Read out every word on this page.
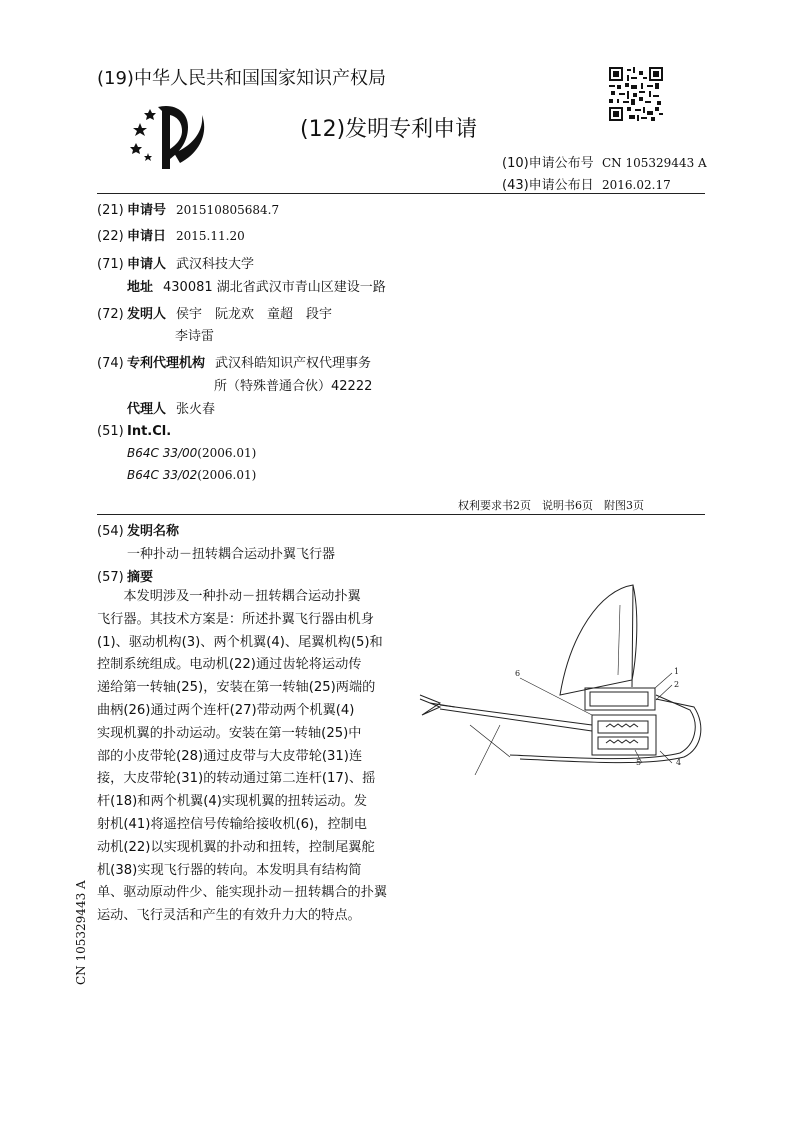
(19)中华人民共和国国家知识产权局
(12)发明专利申请
(10)申请公布号 CN 105329443 A
(43)申请公布日 2016.02.17
(21) 申请号 201510805684.7
(22) 申请日 2015.11.20
(71) 申请人 武汉科技大学
地址 430081 湖北省武汉市青山区建设一路
(72) 发明人 侯宇　阮龙欢　童超　段宇
李诗雷
(74) 专利代理机构 武汉科皓知识产权代理事务
所（特殊普通合伙）42222
代理人 张火春
(51) Int.Cl.
B64C 33/00(2006.01)
B64C 33/02(2006.01)
权利要求书2页　说明书6页　附图3页
(54) 发明名称
一种扑动－扭转耦合运动扑翼飞行器
(57) 摘要

　　本发明涉及一种扑动－扭转耦合运动扑翼
飞行器。其技术方案是：所述扑翼飞行器由机身
(1)、驱动机构(3)、两个机翼(4)、尾翼机构(5)和
控制系统组成。电动机(22)通过齿轮将运动传
递给第一转轴(25)，安装在第一转轴(25)两端的
曲柄(26)通过两个连杆(27)带动两个机翼(4)
实现机翼的扑动运动。安装在第一转轴(25)中
部的小皮带轮(28)通过皮带与大皮带轮(31)连
接，大皮带轮(31)的转动通过第二连杆(17)、摇
杆(18)和两个机翼(4)实现机翼的扭转运动。发
射机(41)将遥控信号传输给接收机(6)，控制电
动机(22)以实现机翼的扑动和扭转，控制尾翼舵
机(38)实现飞行器的转向。本发明具有结构简
单、驱动原动件少、能实现扑动－扭转耦合的扑翼
运动、飞行灵活和产生的有效升力大的特点。

6	1
2
4
5
CN 105329443 A
